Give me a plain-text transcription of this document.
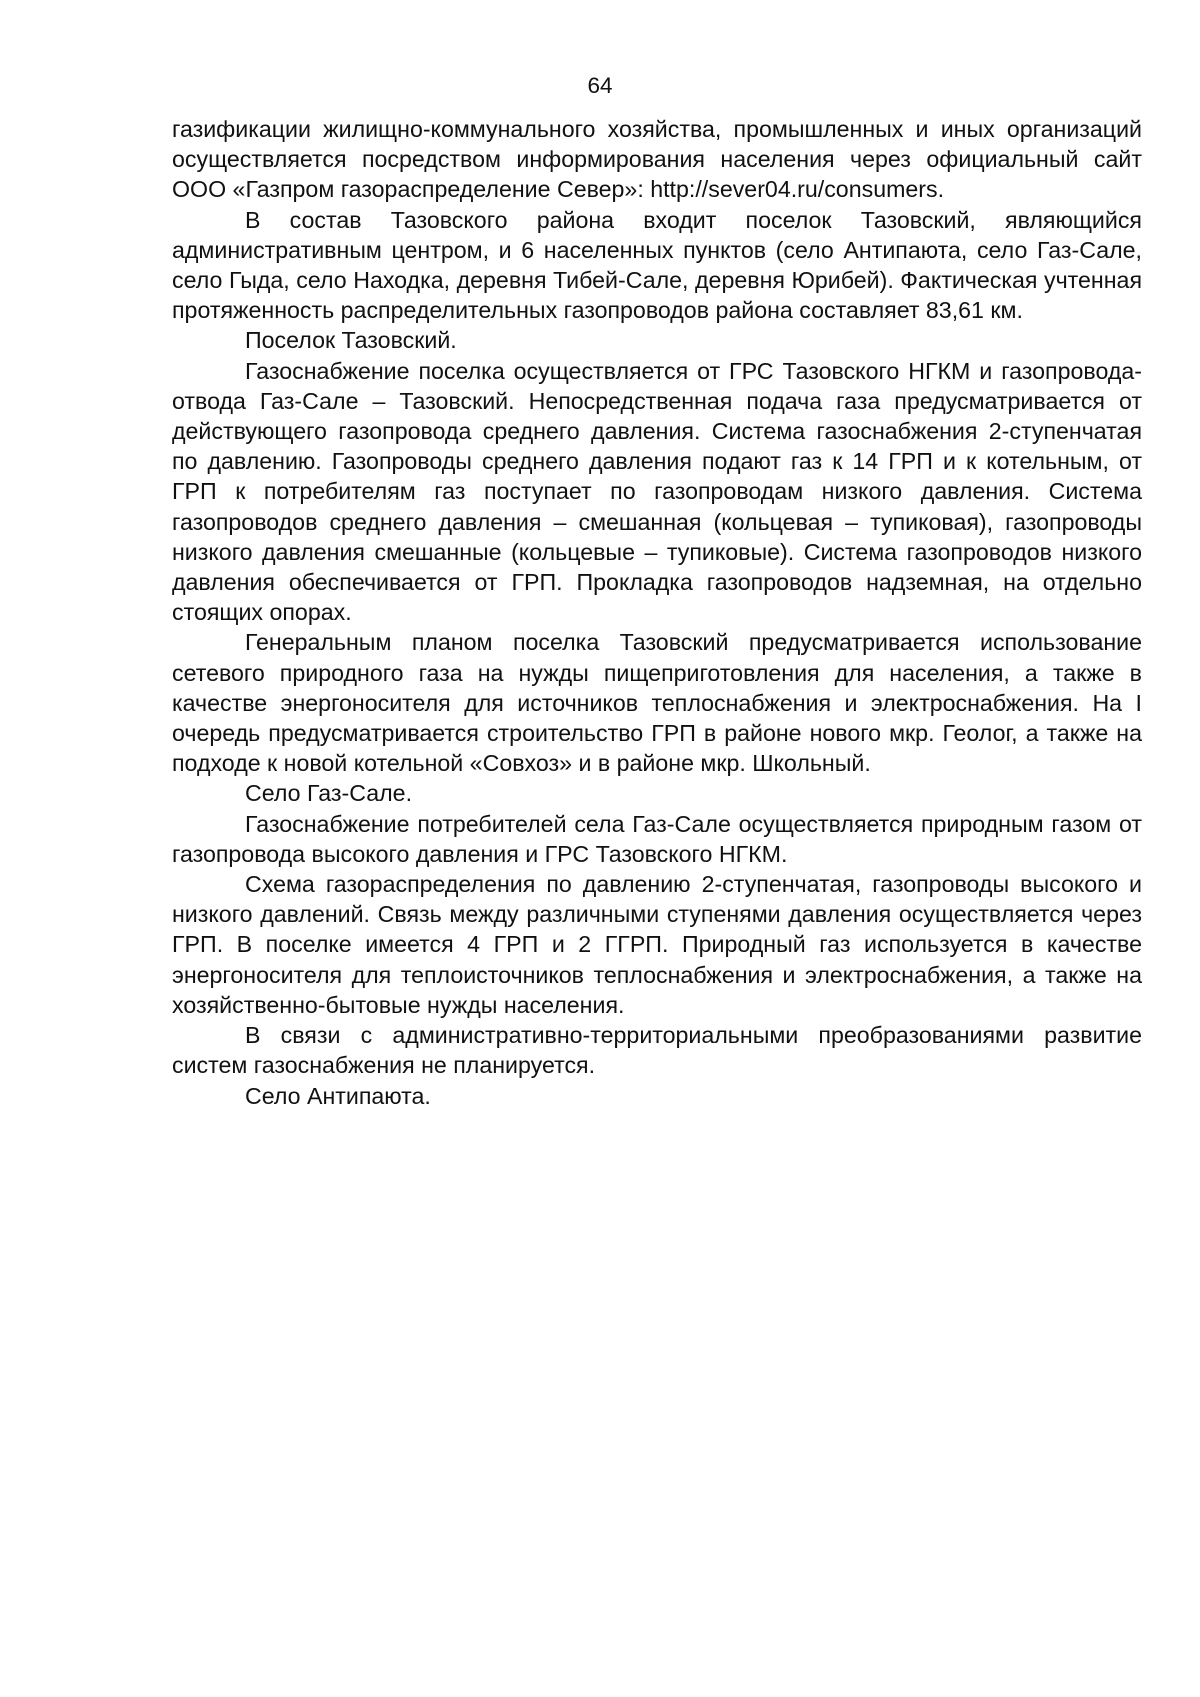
64

газификации жилищно-коммунального хозяйства, промышленных и иных организаций осуществляется посредством информирования населения через официальный сайт ООО «Газпром газораспределение Север»: http://sever04.ru/consumers.

В состав Тазовского района входит поселок Тазовский, являющийся административным центром, и 6 населенных пунктов (село Антипаюта, село Газ-Сале, село Гыда, село Находка, деревня Тибей-Сале, деревня Юрибей). Фактическая учтенная протяженность распределительных газопроводов района составляет 83,61 км.

Поселок Тазовский.

Газоснабжение поселка осуществляется от ГРС Тазовского НГКМ и газопровода-отвода Газ-Сале – Тазовский. Непосредственная подача газа предусматривается от действующего газопровода среднего давления. Система газоснабжения 2-ступенчатая по давлению. Газопроводы среднего давления подают газ к 14 ГРП и к котельным, от ГРП к потребителям газ поступает по газопроводам низкого давления. Система газопроводов среднего давления – смешанная (кольцевая – тупиковая), газопроводы низкого давления смешанные (кольцевые – тупиковые). Система газопроводов низкого давления обеспечивается от ГРП. Прокладка газопроводов надземная, на отдельно стоящих опорах.

Генеральным планом поселка Тазовский предусматривается использование сетевого природного газа на нужды пищеприготовления для населения, а также в качестве энергоносителя для источников теплоснабжения и электроснабжения. На I очередь предусматривается строительство ГРП в районе нового мкр. Геолог, а также на подходе к новой котельной «Совхоз» и в районе мкр. Школьный.

Село Газ-Сале.

Газоснабжение потребителей села Газ-Сале осуществляется природным газом от газопровода высокого давления и ГРС Тазовского НГКМ.

Схема газораспределения по давлению 2-ступенчатая, газопроводы высокого и низкого давлений. Связь между различными ступенями давления осуществляется через ГРП. В поселке имеется 4 ГРП и 2 ГГРП. Природный газ используется в качестве энергоносителя для теплоисточников теплоснабжения и электроснабжения, а также на хозяйственно-бытовые нужды населения.

В связи с административно-территориальными преобразованиями развитие систем газоснабжения не планируется.

Село Антипаюта.
